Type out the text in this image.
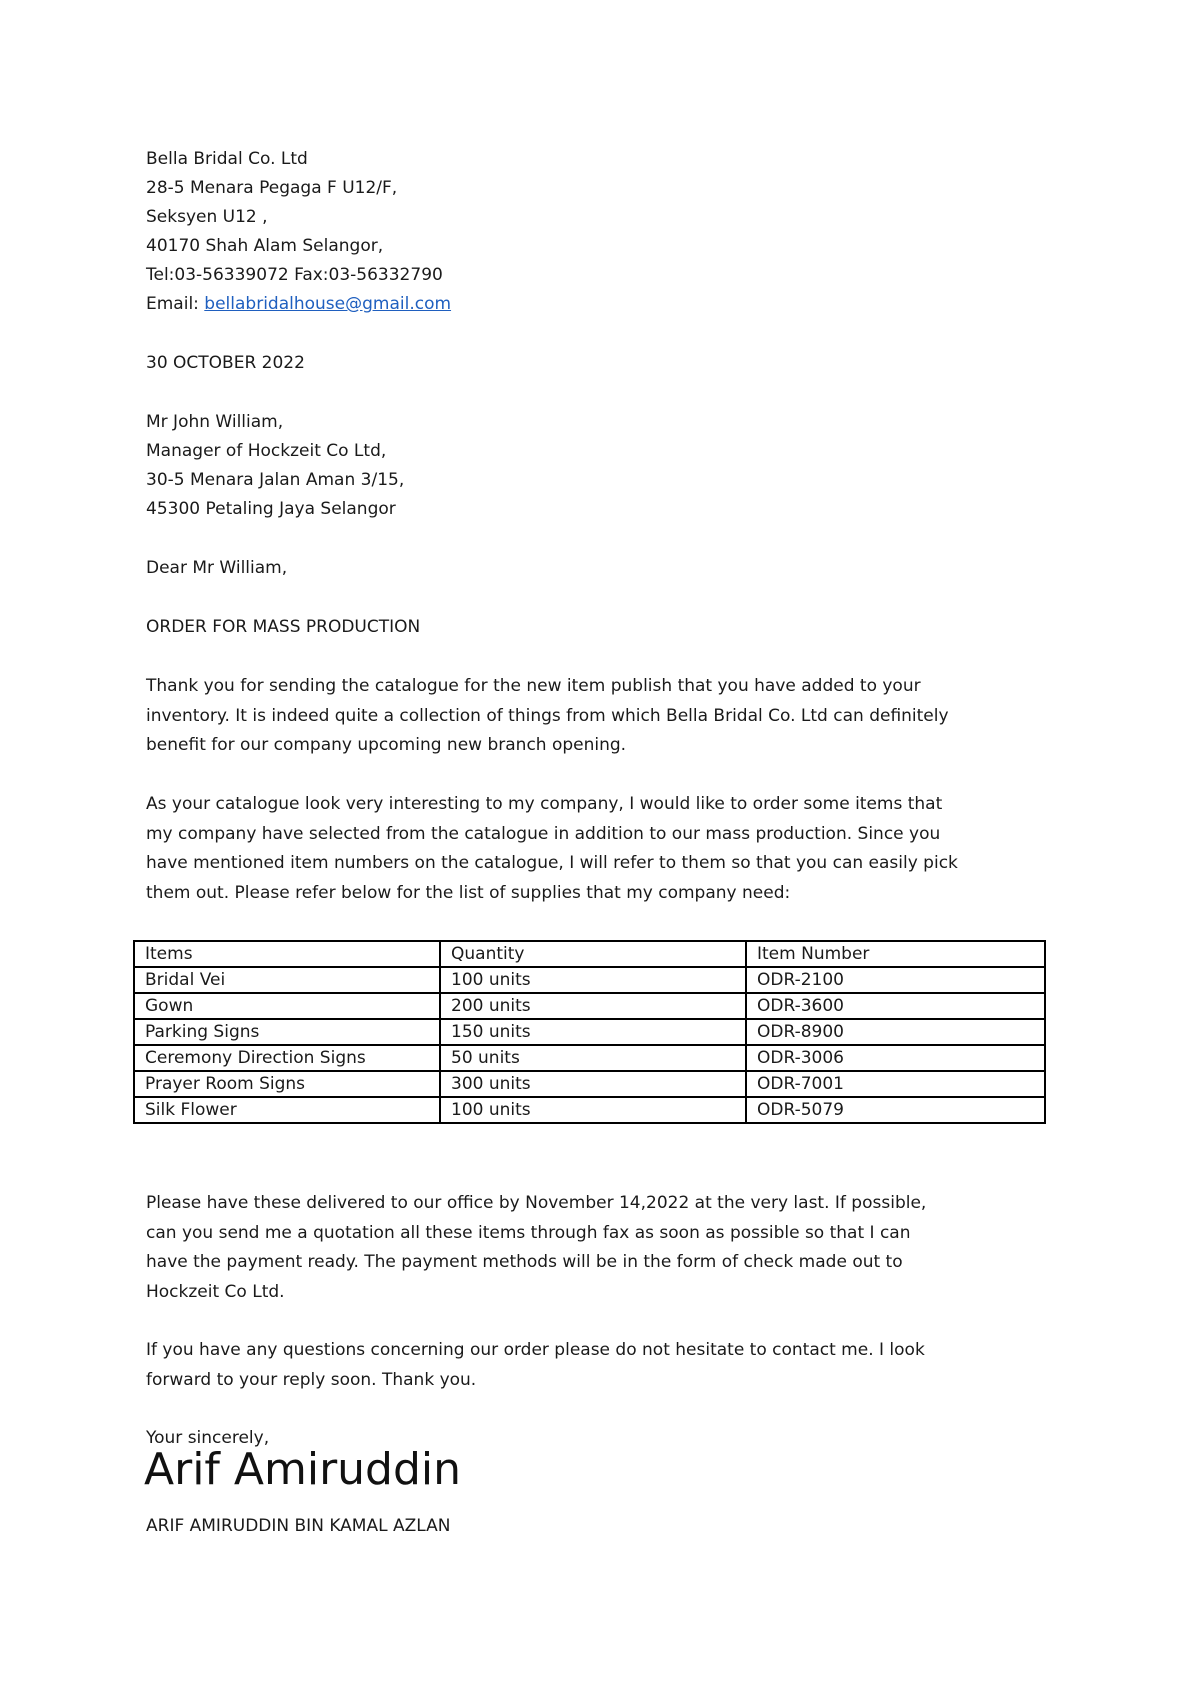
Bella Bridal Co. Ltd
28-5 Menara Pegaga F U12/F,
Seksyen U12 ,
40170 Shah Alam Selangor,
Tel:03-56339072 Fax:03-56332790
Email: bellabridalhouse@gmail.com
30 OCTOBER 2022
Mr John William,
Manager of Hockzeit Co Ltd,
30-5 Menara Jalan Aman 3/15,
45300 Petaling Jaya Selangor
Dear Mr William,
ORDER FOR MASS PRODUCTION
Thank you for sending the catalogue for the new item publish that you have added to your
inventory. It is indeed quite a collection of things from which Bella Bridal Co. Ltd can definitely
benefit for our company upcoming new branch opening.
As your catalogue look very interesting to my company, I would like to order some items that
my company have selected from the catalogue in addition to our mass production. Since you
have mentioned item numbers on the catalogue, I will refer to them so that you can easily pick
them out. Please refer below for the list of supplies that my company need:
Items	Quantity	Item Number
Bridal Vei	100 units	ODR-2100
Gown	200 units	ODR-3600
Parking Signs	150 units	ODR-8900
Ceremony Direction Signs	50 units	ODR-3006
Prayer Room Signs	300 units	ODR-7001
Silk Flower	100 units	ODR-5079
Please have these delivered to our office by November 14,2022 at the very last. If possible,
can you send me a quotation all these items through fax as soon as possible so that I can
have the payment ready. The payment methods will be in the form of check made out to
Hockzeit Co Ltd.
If you have any questions concerning our order please do not hesitate to contact me. I look
forward to your reply soon. Thank you.
Your sincerely,
Arif Amiruddin
ARIF AMIRUDDIN BIN KAMAL AZLAN
